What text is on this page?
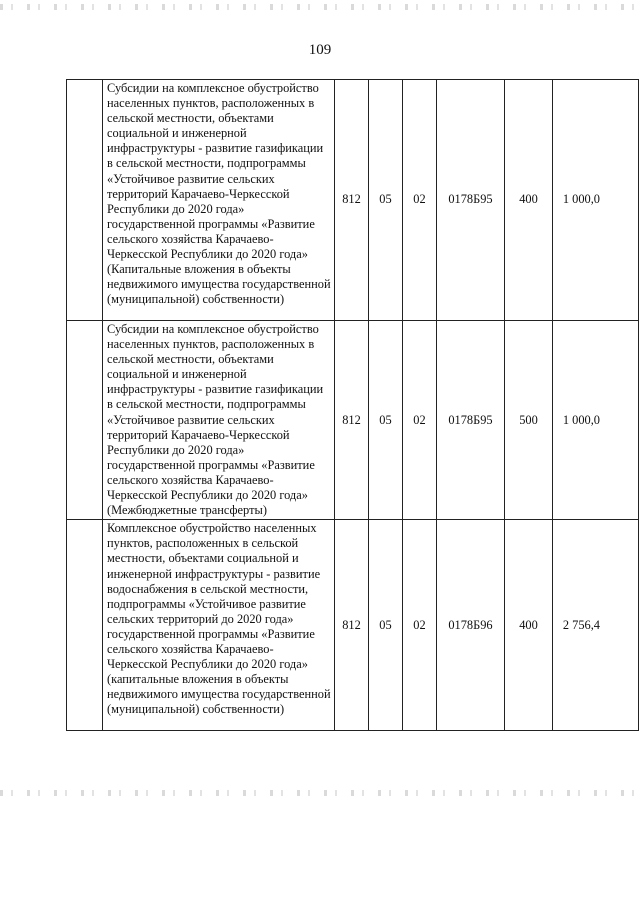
109
	Субсидии на комплексное обустройство населенных пунктов, расположенных в сельской местности, объектами социальной и инженерной инфраструктуры - развитие газификации в сельской местности, подпрограммы «Устойчивое развитие сельских территорий Карачаево-Черкесской Республики до 2020 года» государственной программы «Развитие сельского хозяйства Карачаево-Черкесской Республики до 2020 года» (Капитальные вложения в объекты недвижимого имущества государственной (муниципальной) собственности)	812	05	02	0178Б95	400	1 000,0
	Субсидии на комплексное обустройство населенных пунктов, расположенных в сельской местности, объектами социальной и инженерной инфраструктуры - развитие газификации в сельской местности, подпрограммы «Устойчивое развитие сельских территорий Карачаево-Черкесской Республики до 2020 года» государственной программы «Развитие сельского хозяйства Карачаево-Черкесской Республики до 2020 года» (Межбюджетные трансферты)	812	05	02	0178Б95	500	1 000,0
	Комплексное обустройство населенных пунктов, расположенных в сельской местности, объектами социальной и инженерной инфраструктуры - развитие водоснабжения в сельской местности, подпрограммы «Устойчивое развитие сельских территорий до 2020 года» государственной программы «Развитие сельского хозяйства Карачаево-Черкесской Республики до 2020 года» (капитальные вложения в объекты недвижимого имущества государственной (муниципальной) собственности)	812	05	02	0178Б96	400	2 756,4
